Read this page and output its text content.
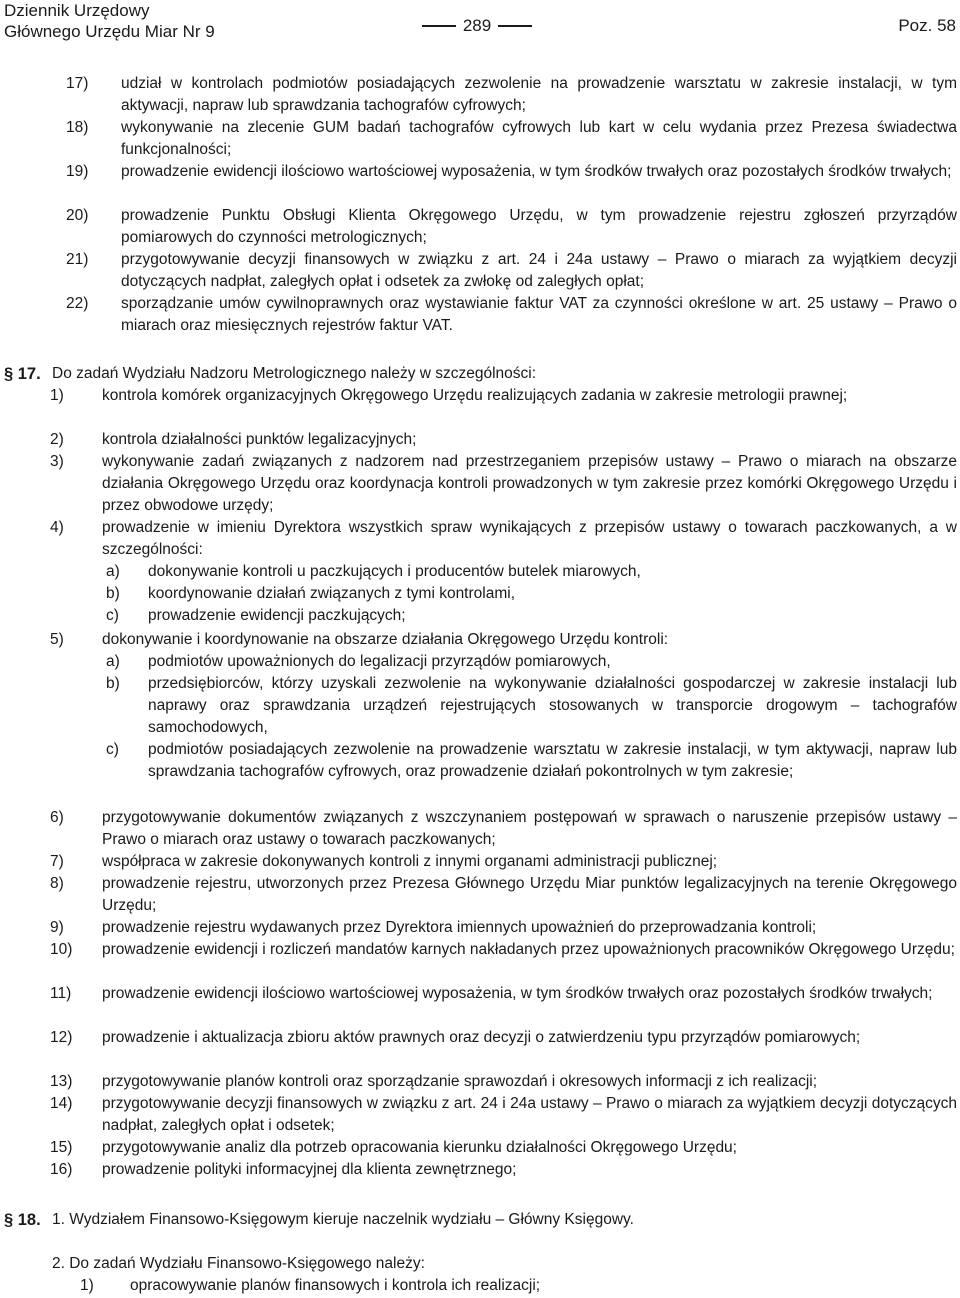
Dziennik Urzędowy
Głównego Urzędu Miar Nr 9	289	Poz. 58
17) udział w kontrolach podmiotów posiadających zezwolenie na prowadzenie warsztatu w zakresie instalacji, w tym aktywacji, napraw lub sprawdzania tachografów cyfrowych;
18) wykonywanie na zlecenie GUM badań tachografów cyfrowych lub kart w celu wydania przez Prezesa świadectwa funkcjonalności;
19) prowadzenie ewidencji ilościowo wartościowej wyposażenia, w tym środków trwałych oraz pozostałych środków trwałych;
20) prowadzenie Punktu Obsługi Klienta Okręgowego Urzędu, w tym prowadzenie rejestru zgłoszeń przyrządów pomiarowych do czynności metrologicznych;
21) przygotowywanie decyzji finansowych w związku z art. 24 i 24a ustawy – Prawo o miarach za wyjątkiem decyzji dotyczących nadpłat, zaległych opłat i odsetek za zwłokę od zaległych opłat;
22) sporządzanie umów cywilnoprawnych oraz wystawianie faktur VAT za czynności określone w art. 25 ustawy – Prawo o miarach oraz miesięcznych rejestrów faktur VAT.
§ 17. Do zadań Wydziału Nadzoru Metrologicznego należy w szczególności:
1) kontrola komórek organizacyjnych Okręgowego Urzędu realizujących zadania w zakresie metrologii prawnej;
2) kontrola działalności punktów legalizacyjnych;
3) wykonywanie zadań związanych z nadzorem nad przestrzeganiem przepisów ustawy – Prawo o miarach na obszarze działania Okręgowego Urzędu oraz koordynacja kontroli prowadzonych w tym zakresie przez komórki Okręgowego Urzędu i przez obwodowe urzędy;
4) prowadzenie w imieniu Dyrektora wszystkich spraw wynikających z przepisów ustawy o towarach paczkowanych, a w szczególności:
a) dokonywanie kontroli u paczkujących i producentów butelek miarowych,
b) koordynowanie działań związanych z tymi kontrolami,
c) prowadzenie ewidencji paczkujących;
5) dokonywanie i koordynowanie na obszarze działania Okręgowego Urzędu kontroli:
a) podmiotów upoważnionych do legalizacji przyrządów pomiarowych,
b) przedsiębiorców, którzy uzyskali zezwolenie na wykonywanie działalności gospodarczej w zakresie instalacji lub naprawy oraz sprawdzania urządzeń rejestrujących stosowanych w transporcie drogowym – tachografów samochodowych,
c) podmiotów posiadających zezwolenie na prowadzenie warsztatu w zakresie instalacji, w tym aktywacji, napraw lub sprawdzania tachografów cyfrowych, oraz prowadzenie działań pokontrolnych w tym zakresie;
6) przygotowywanie dokumentów związanych z wszczynaniem postępowań w sprawach o naruszenie przepisów ustawy – Prawo o miarach oraz ustawy o towarach paczkowanych;
7) współpraca w zakresie dokonywanych kontroli z innymi organami administracji publicznej;
8) prowadzenie rejestru, utworzonych przez Prezesa Głównego Urzędu Miar punktów legalizacyjnych na terenie Okręgowego Urzędu;
9) prowadzenie rejestru wydawanych przez Dyrektora imiennych upoważnień do przeprowadzania kontroli;
10) prowadzenie ewidencji i rozliczeń mandatów karnych nakładanych przez upoważnionych pracowników Okręgowego Urzędu;
11) prowadzenie ewidencji ilościowo wartościowej wyposażenia, w tym środków trwałych oraz pozostałych środków trwałych;
12) prowadzenie i aktualizacja zbioru aktów prawnych oraz decyzji o zatwierdzeniu typu przyrządów pomiarowych;
13) przygotowywanie planów kontroli oraz sporządzanie sprawozdań i okresowych informacji z ich realizacji;
14) przygotowywanie decyzji finansowych w związku z art. 24 i 24a ustawy – Prawo o miarach za wyjątkiem decyzji dotyczących nadpłat, zaległych opłat i odsetek;
15) przygotowywanie analiz dla potrzeb opracowania kierunku działalności Okręgowego Urzędu;
16) prowadzenie polityki informacyjnej dla klienta zewnętrznego;
§ 18. 1. Wydziałem Finansowo-Księgowym kieruje naczelnik wydziału – Główny Księgowy.
2. Do zadań Wydziału Finansowo-Księgowego należy:
1) opracowywanie planów finansowych i kontrola ich realizacji;
